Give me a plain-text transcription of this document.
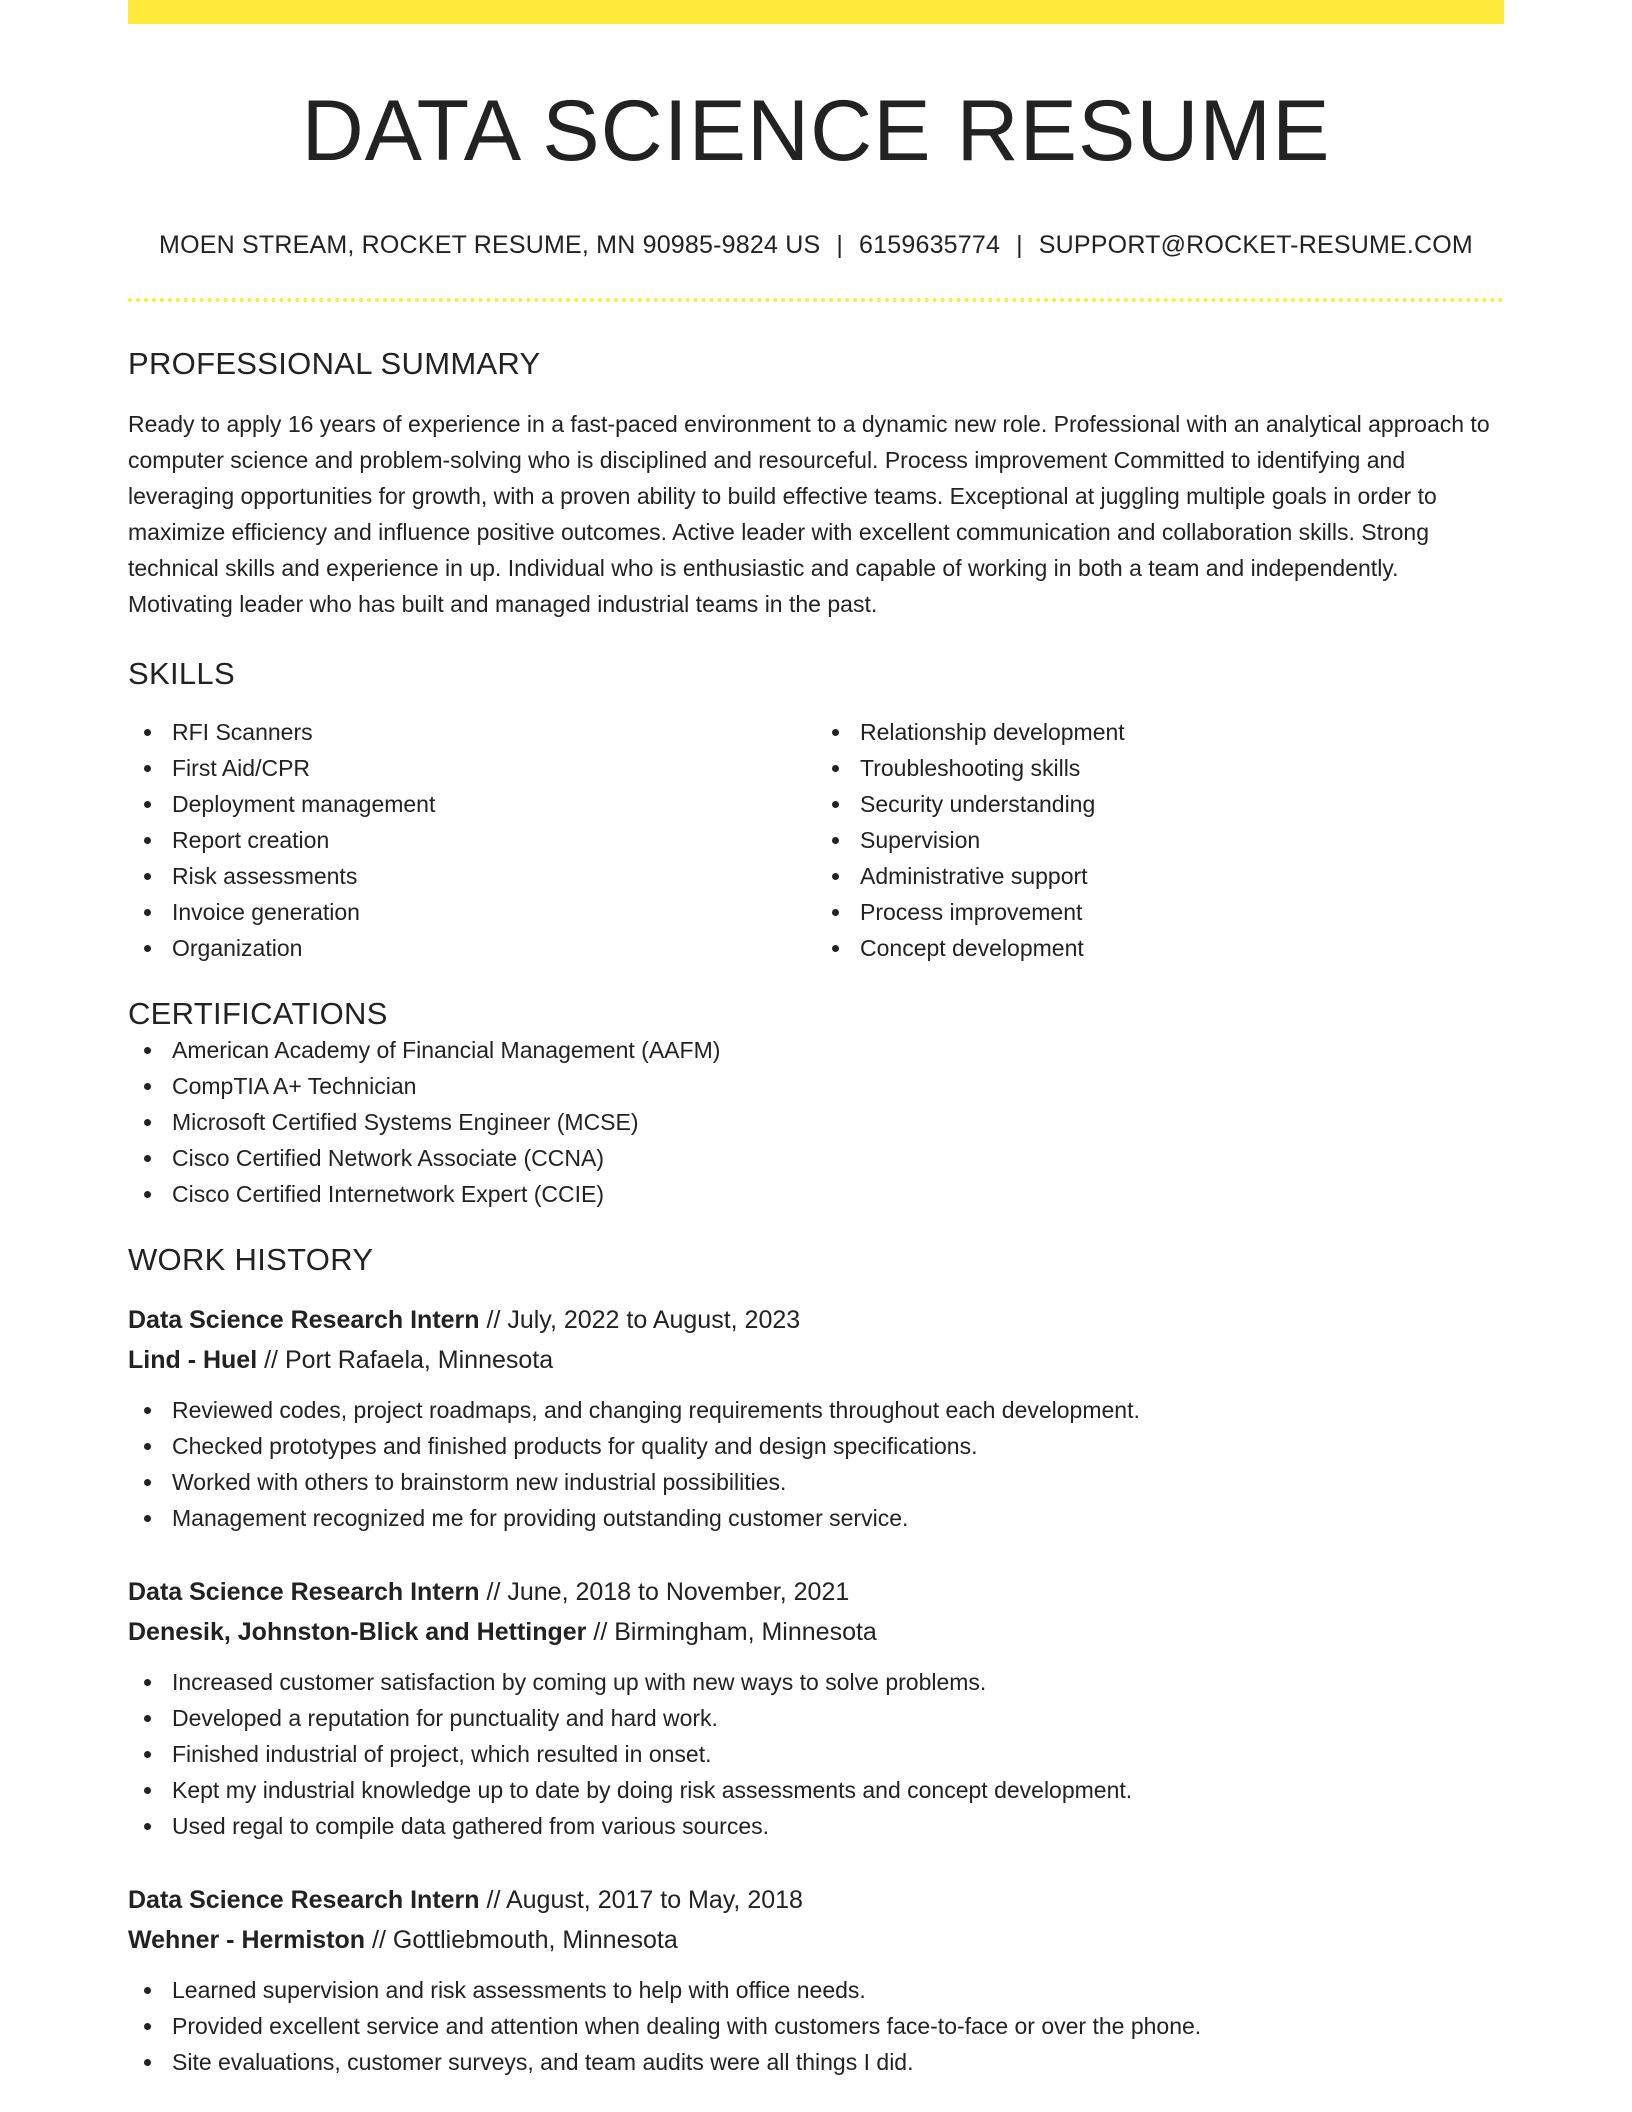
DATA SCIENCE RESUME
MOEN STREAM, ROCKET RESUME, MN 90985-9824 US | 6159635774 | SUPPORT@ROCKET-RESUME.COM
PROFESSIONAL SUMMARY

Ready to apply 16 years of experience in a fast-paced environment to a dynamic new role. Professional with an analytical approach to computer science and problem-solving who is disciplined and resourceful. Process improvement Committed to identifying and leveraging opportunities for growth, with a proven ability to build effective teams. Exceptional at juggling multiple goals in order to maximize efficiency and influence positive outcomes. Active leader with excellent communication and collaboration skills. Strong technical skills and experience in up. Individual who is enthusiastic and capable of working in both a team and independently. Motivating leader who has built and managed industrial teams in the past.

SKILLS
RFI Scanners
First Aid/CPR
Deployment management
Report creation
Risk assessments
Invoice generation
Organization
Relationship development
Troubleshooting skills
Security understanding
Supervision
Administrative support
Process improvement
Concept development
CERTIFICATIONS
American Academy of Financial Management (AAFM)
CompTIA A+ Technician
Microsoft Certified Systems Engineer (MCSE)
Cisco Certified Network Associate (CCNA)
Cisco Certified Internetwork Expert (CCIE)
WORK HISTORY
Data Science Research Intern // July, 2022 to August, 2023
Lind - Huel // Port Rafaela, Minnesota
Reviewed codes, project roadmaps, and changing requirements throughout each development.
Checked prototypes and finished products for quality and design specifications.
Worked with others to brainstorm new industrial possibilities.
Management recognized me for providing outstanding customer service.
Data Science Research Intern // June, 2018 to November, 2021
Denesik, Johnston-Blick and Hettinger // Birmingham, Minnesota
Increased customer satisfaction by coming up with new ways to solve problems.
Developed a reputation for punctuality and hard work.
Finished industrial of project, which resulted in onset.
Kept my industrial knowledge up to date by doing risk assessments and concept development.
Used regal to compile data gathered from various sources.
Data Science Research Intern // August, 2017 to May, 2018
Wehner - Hermiston // Gottliebmouth, Minnesota
Learned supervision and risk assessments to help with office needs.
Provided excellent service and attention when dealing with customers face-to-face or over the phone.
Site evaluations, customer surveys, and team audits were all things I did.
